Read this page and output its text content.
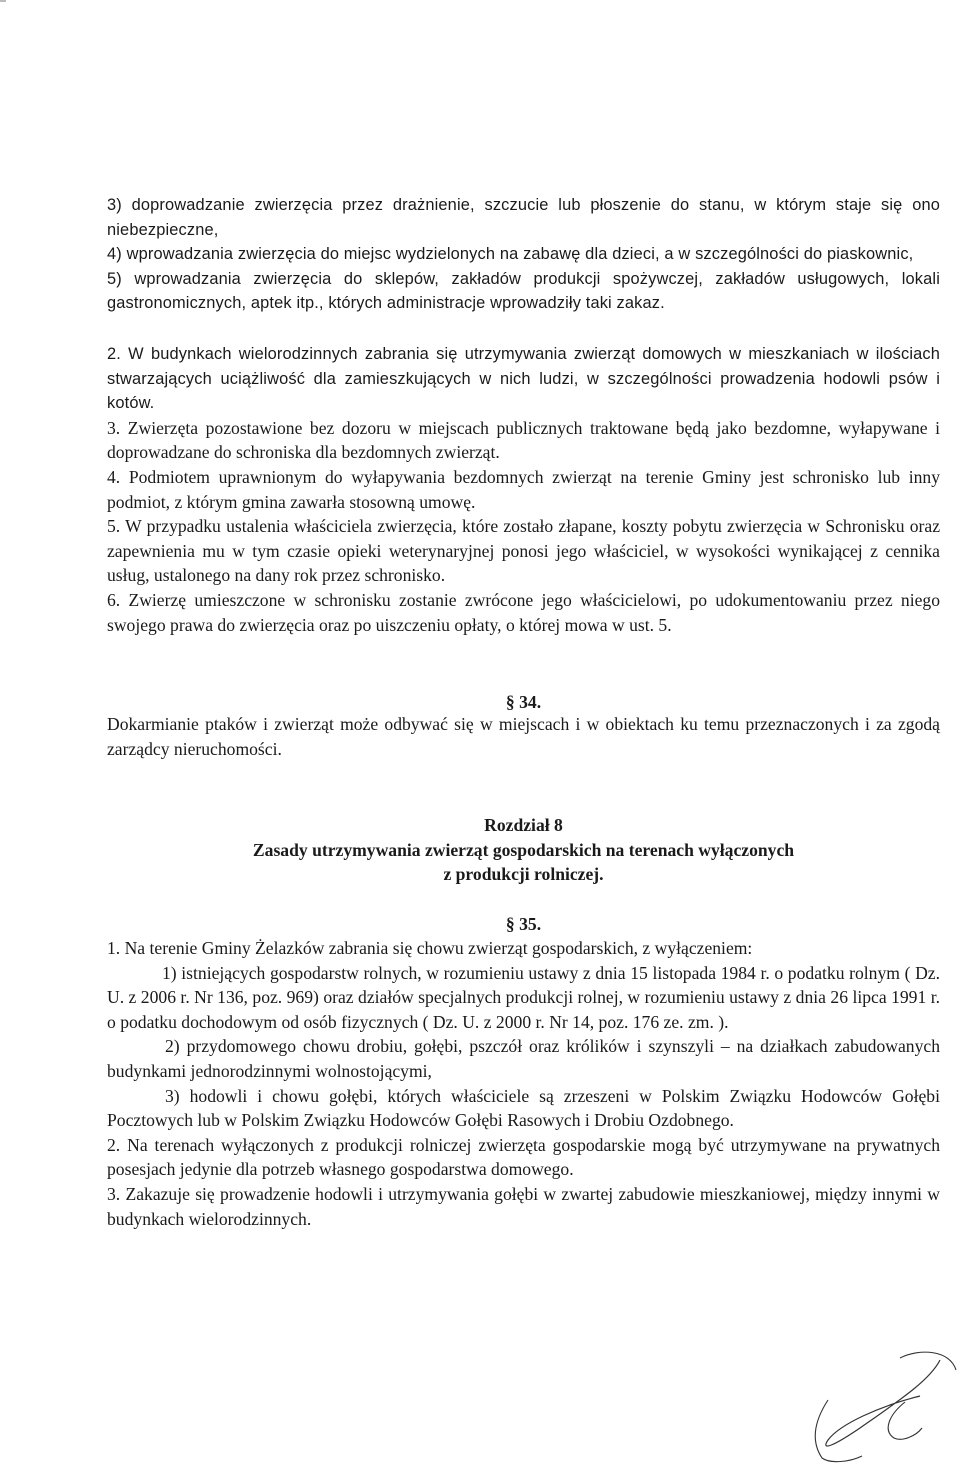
3) doprowadzanie zwierzęcia przez drażnienie, szczucie lub płoszenie do stanu, w którym staje się ono niebezpieczne,

4) wprowadzania zwierzęcia do miejsc wydzielonych na zabawę dla dzieci, a w szczególności do piaskownic,

5) wprowadzania zwierzęcia do sklepów, zakładów produkcji spożywczej, zakładów usługowych, lokali gastronomicznych, aptek itp., których administracje wprowadziły taki zakaz.

2. W budynkach wielorodzinnych zabrania się utrzymywania zwierząt domowych w mieszkaniach w ilościach stwarzających uciążliwość dla zamieszkujących w nich ludzi, w szczególności prowadzenia hodowli psów i kotów.

3. Zwierzęta pozostawione bez dozoru w miejscach publicznych traktowane będą jako bezdomne, wyłapywane i doprowadzane do schroniska dla bezdomnych zwierząt.

4. Podmiotem uprawnionym do wyłapywania bezdomnych zwierząt na terenie Gminy jest schronisko lub inny podmiot, z którym gmina zawarła stosowną umowę.

5. W przypadku ustalenia właściciela zwierzęcia, które zostało złapane, koszty pobytu zwierzęcia w Schronisku oraz zapewnienia mu w tym czasie opieki weterynaryjnej ponosi jego właściciel, w wysokości wynikającej z cennika usług, ustalonego na dany rok przez schronisko.

6. Zwierzę umieszczone w schronisku zostanie zwrócone jego właścicielowi, po udokumentowaniu przez niego swojego prawa do zwierzęcia oraz po uiszczeniu opłaty, o której mowa w ust. 5.

§ 34.
Dokarmianie ptaków i zwierząt może odbywać się w miejscach i w obiektach ku temu przeznaczonych i za zgodą zarządcy nieruchomości.
Rozdział 8
Zasady utrzymywania zwierząt gospodarskich na terenach wyłączonych
z produkcji rolniczej.
§ 35.

1. Na terenie Gminy Żelazków zabrania się chowu zwierząt gospodarskich, z wyłączeniem:

1) istniejących gospodarstw rolnych, w rozumieniu ustawy z dnia 15 listopada 1984 r. o podatku rolnym ( Dz. U. z 2006 r. Nr 136, poz. 969) oraz działów specjalnych produkcji rolnej, w rozumieniu ustawy z dnia 26 lipca 1991 r. o podatku dochodowym od osób fizycznych ( Dz. U. z 2000 r. Nr 14, poz. 176 ze. zm. ).

2) przydomowego chowu drobiu, gołębi, pszczół oraz królików i szynszyli – na działkach zabudowanych budynkami jednorodzinnymi wolnostojącymi,

3) hodowli i chowu gołębi, których właściciele są zrzeszeni w Polskim Związku Hodowców Gołębi Pocztowych lub w Polskim Związku Hodowców Gołębi Rasowych i Drobiu Ozdobnego.

2. Na terenach wyłączonych z produkcji rolniczej zwierzęta gospodarskie mogą być utrzymywane na prywatnych posesjach jedynie dla potrzeb własnego gospodarstwa domowego.

3. Zakazuje się prowadzenie hodowli i utrzymywania gołębi w zwartej zabudowie mieszkaniowej, między innymi w budynkach wielorodzinnych.
